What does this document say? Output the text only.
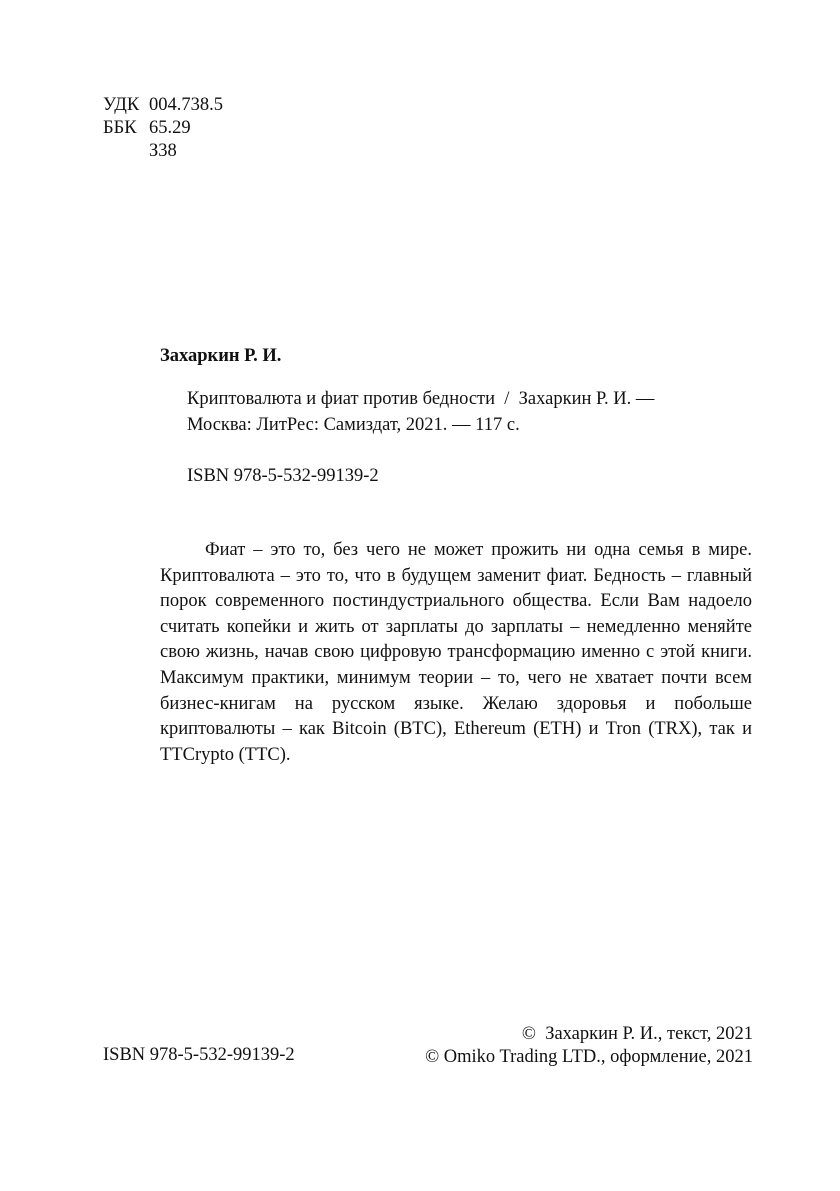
УДК 004.738.5
ББК 65.29
З38
Захаркин Р. И.
Криптовалюта и фиат против бедности  /  Захаркин Р. И. —
Москва: ЛитРес: Самиздат, 2021. — 117 с.
ISBN 978-5-532-99139-2

Фиат – это то, без чего не может прожить ни одна семья в мире. Криптовалюта – это то, что в будущем заменит фиат. Бедность – главный порок современного постиндустриального общества. Если Вам надоело считать копейки и жить от зарплаты до зарплаты – немедленно меняйте свою жизнь, начав свою цифровую трансформацию именно с этой книги. Максимум практики, минимум теории – то, чего не хватает почти всем бизнес-книгам на русском языке. Желаю здоровья и побольше криптовалюты – как Bitcoin (BTC), Ethereum (ETH) и Tron (TRX), так и TTCrypto (TTC).

ISBN 978-5-532-99139-2
©  Захаркин Р. И., текст, 2021
© Omiko Trading LTD., оформление, 2021
